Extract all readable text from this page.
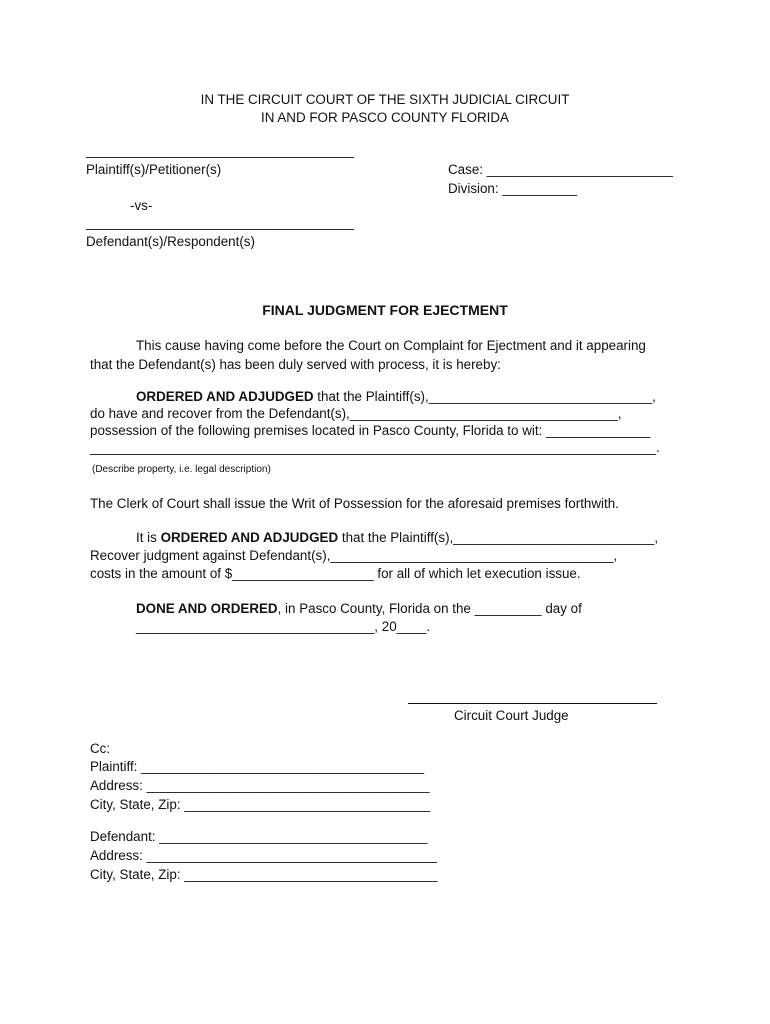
IN THE CIRCUIT COURT OF THE SIXTH JUDICIAL CIRCUIT
IN AND FOR PASCO COUNTY FLORIDA
____________________________________
Plaintiff(s)/Petitioner(s)	Case: _________________________
Division: __________
-vs-
____________________________________
Defendant(s)/Respondent(s)
FINAL JUDGMENT FOR EJECTMENT
This cause having come before the Court on Complaint for Ejectment and it appearing
that the Defendant(s) has been duly served with process, it is hereby:
ORDERED AND ADJUDGED that the Plaintiff(s),______________________________,
do have and recover from the Defendant(s),____________________________________,
possession of the following premises located in Pasco County, Florida to wit: ______________
____________________________________________________________________________.
(Describe property, i.e. legal description)
The Clerk of Court shall issue the Writ of Possession for the aforesaid premises forthwith.
It is ORDERED AND ADJUDGED that the Plaintiff(s),___________________________,
Recover judgment against Defendant(s),______________________________________,
costs in the amount of $___________________ for all of which let execution issue.
DONE AND ORDERED, in Pasco County, Florida on the _________ day of
________________________________, 20____.
Circuit Court Judge
Cc:
Plaintiff: ______________________________________
Address: ______________________________________
City, State, Zip: _________________________________
Defendant: ____________________________________
Address: _______________________________________
City, State, Zip: __________________________________
